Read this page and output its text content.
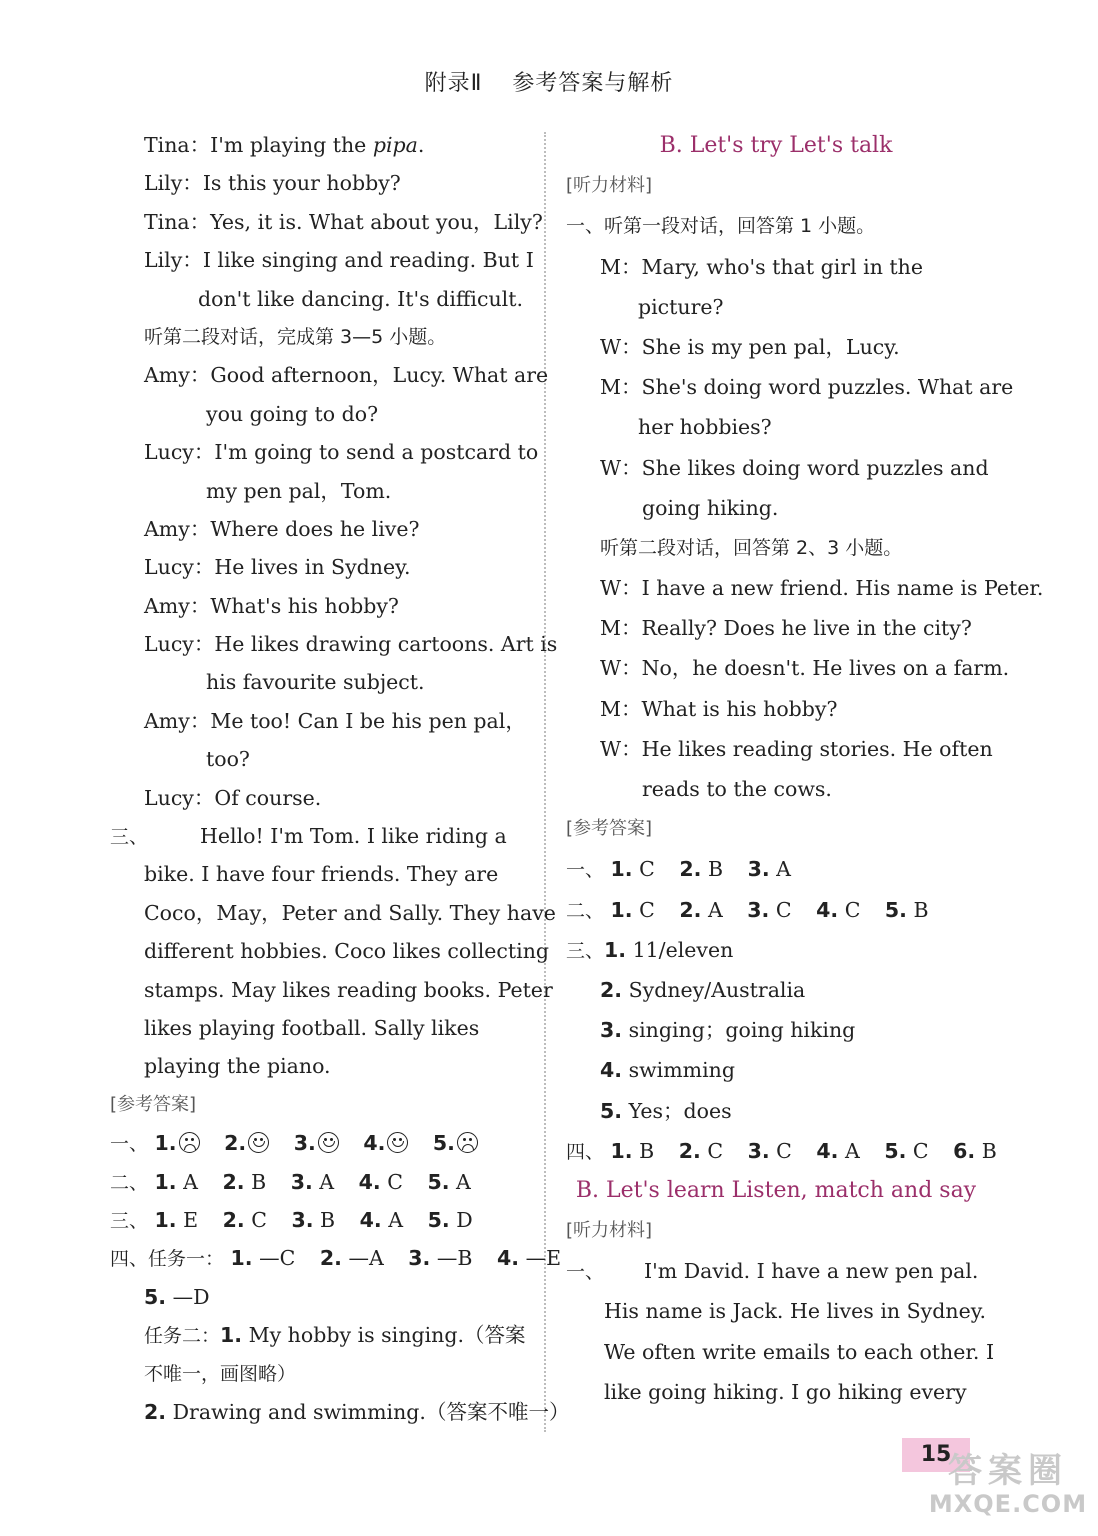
附录Ⅱ 参考答案与解析
Tina：I'm playing the pipa.
Lily：Is this your hobby?
Tina：Yes, it is. What about you，Lily?
Lily：I like singing and reading. But I
don't like dancing. It's difficult.
听第二段对话，完成第 3—5 小题。
Amy：Good afternoon，Lucy. What are
you going to do?
Lucy：I'm going to send a postcard to
my pen pal，Tom.
Amy：Where does he live?
Lucy：He lives in Sydney.
Amy：What's his hobby?
Lucy：He likes drawing cartoons. Art is
his favourite subject.
Amy：Me too! Can I be his pen pal，
too?
Lucy：Of course.
三、	Hello! I'm Tom. I like riding a
bike. I have four friends. They are
Coco，May，Peter and Sally. They have
different hobbies. Coco likes collecting
stamps. May likes reading books. Peter
likes playing football. Sally likes
playing the piano.
[参考答案]
一、 1. 2. 3. 4. 5.
二、 1. A 2. B 3. A 4. C 5. A
三、 1. E 2. C 3. B 4. A 5. D
四、任务一： 1. —C 2. —A 3. —B 4. —E
5. —D
任务二：1. My hobby is singing.（答案
不唯一，画图略）
2. Drawing and swimming.（答案不唯一）
B. Let's try Let's talk
[听力材料]
一、听第一段对话，回答第 1 小题。
M：Mary, who's that girl in the
picture?
W：She is my pen pal，Lucy.
M：She's doing word puzzles. What are
her hobbies?
W：She likes doing word puzzles and
going hiking.
听第二段对话，回答第 2、3 小题。
W：I have a new friend. His name is Peter.
M：Really? Does he live in the city?
W：No，he doesn't. He lives on a farm.
M：What is his hobby?
W：He likes reading stories. He often
reads to the cows.
[参考答案]
一、 1. C 2. B 3. A
二、 1. C 2. A 3. C 4. C 5. B
三、1. 11/eleven
2. Sydney/Australia
3. singing；going hiking
4. swimming
5. Yes；does
四、 1. B 2. C 3. C 4. A 5. C 6. B
B. Let's learn Listen, match and say
[听力材料]
一、 I'm David. I have a new pen pal.
His name is Jack. He lives in Sydney.
We often write emails to each other. I
like going hiking. I go hiking every
15
答案圈
MXQE.COM
